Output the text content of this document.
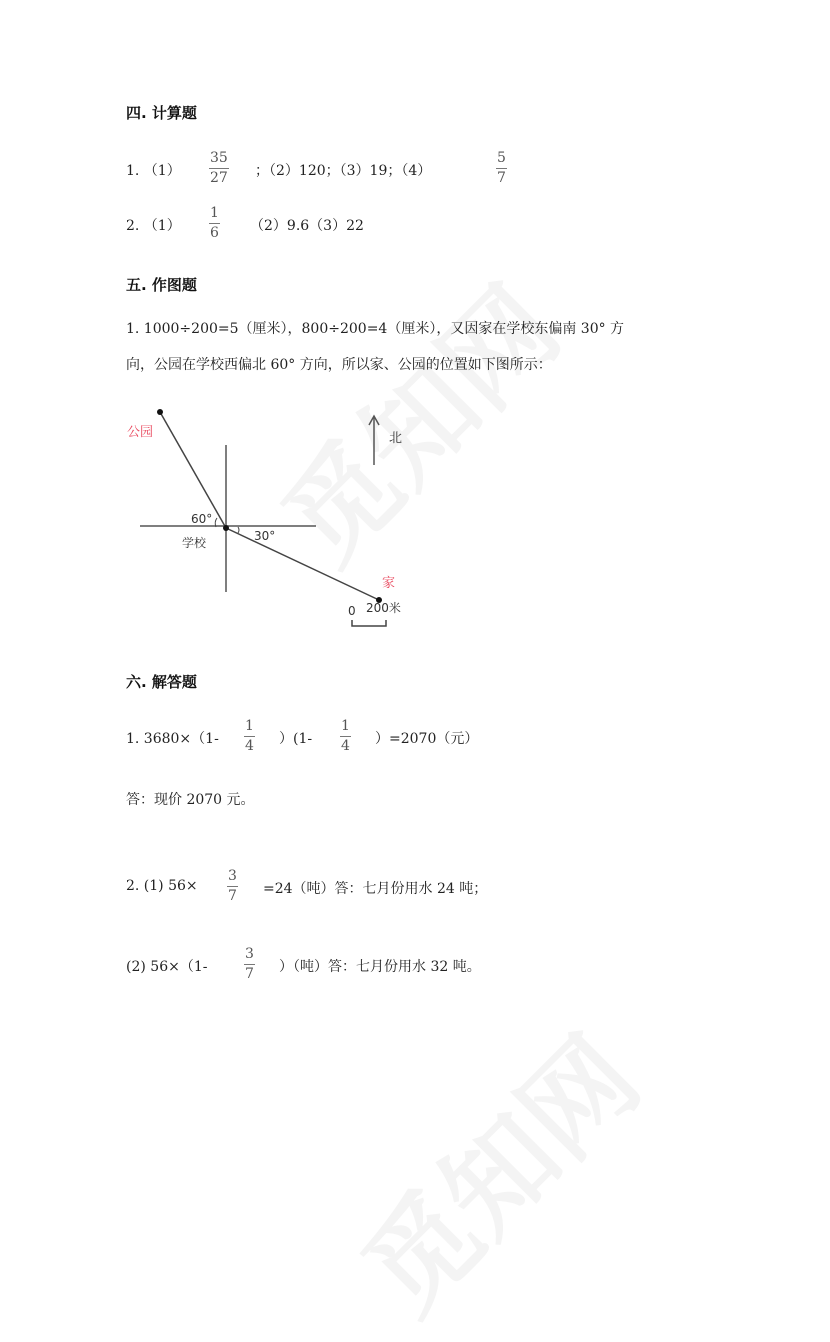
四. 计算题
1. $(1) \frac{35}{27}$ ；（2）120；（3）19；（4）	$\frac{5}{7}$
2. $(1) \frac{1}{6} (2)9.6(3)22$
五. 作图题
1. 1000÷200=5（厘米），800÷200=4（厘米），又因家在学校东偏南 30° 方
向，公园在学校西偏北 60° 方向，所以家、公园的位置如下图所示：
公园
学校
家
北
60°
30°
0 200米
六. 解答题
1. $3680\times(1- \frac{1}{4} )(1- \frac{1}{4} )=2070$（元）
答：现价 2070 元。
2. (1) $56\times \frac{3}{7} =24$（吨）答：七月份用水 24 吨；
(2) 56×（1-	$\frac{3}{7}$ ）（吨）答：七月份用水 32 吨。
